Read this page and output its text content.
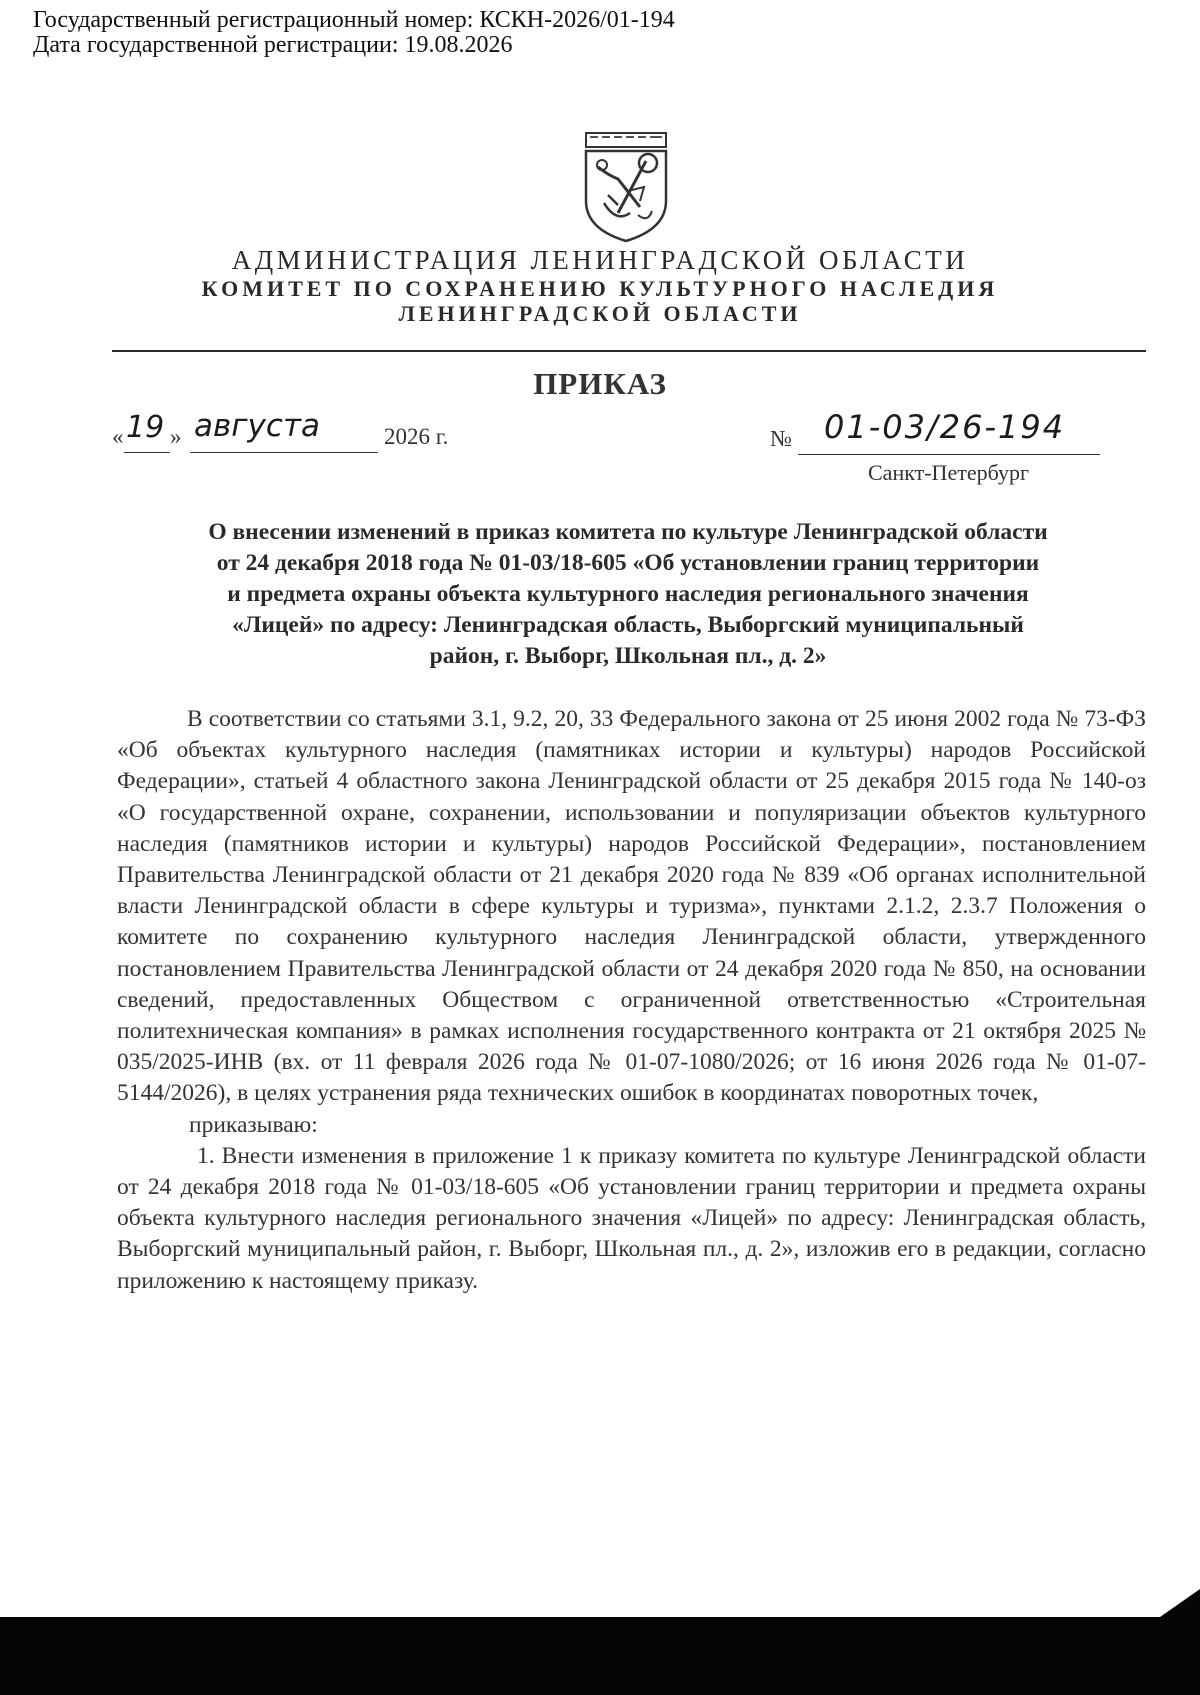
Государственный регистрационный номер: КСКН-2026/01-194
Дата государственной регистрации: 19.08.2026
АДМИНИСТРАЦИЯ ЛЕНИНГРАДСКОЙ ОБЛАСТИ
КОМИТЕТ ПО СОХРАНЕНИЮ КУЛЬТУРНОГО НАСЛЕДИЯ
ЛЕНИНГРАДСКОЙ ОБЛАСТИ
ПРИКАЗ
« 19 » августа	2026 г.	№ 01-03/26-194
Санкт-Петербург
О внесении изменений в приказ комитета по культуре Ленинградской области
от 24 декабря 2018 года № 01-03/18-605 «Об установлении границ территории
и предмета охраны объекта культурного наследия регионального значения
«Лицей» по адресу: Ленинградская область, Выборгский муниципальный
район, г. Выборг, Школьная пл., д. 2»

В соответствии со статьями 3.1, 9.2, 20, 33 Федерального закона от 25 июня 2002 года № 73-ФЗ «Об объектах культурного наследия (памятниках истории и культуры) народов Российской Федерации», статьей 4 областного закона Ленинградской области от 25 декабря 2015 года № 140-оз «О государственной охране, сохранении, использовании и популяризации объектов культурного наследия (памятников истории и культуры) народов Российской Федерации», постановлением Правительства Ленинградской области от 21 декабря 2020 года № 839 «Об органах исполнительной власти Ленинградской области в сфере культуры и туризма», пунктами 2.1.2, 2.3.7 Положения о комитете по сохранению культурного наследия Ленинградской области, утвержденного постановлением Правительства Ленинградской области от 24 декабря 2020 года № 850, на основании сведений, предоставленных Обществом с ограниченной ответственностью «Строительная политехническая компания» в рамках исполнения государственного контракта от 21 октября 2025 № 035/2025-ИНВ (вх. от 11 февраля 2026 года № 01-07-1080/2026; от 16 июня 2026 года № 01-07-5144/2026), в целях устранения ряда технических ошибок в координатах поворотных точек,

приказываю:

1. Внести изменения в приложение 1 к приказу комитета по культуре Ленинградской области от 24 декабря 2018 года № 01-03/18-605 «Об установлении границ территории и предмета охраны объекта культурного наследия регионального значения «Лицей» по адресу: Ленинградская область, Выборгский муниципальный район, г. Выборг, Школьная пл., д. 2», изложив его в редакции, согласно приложению к настоящему приказу.
